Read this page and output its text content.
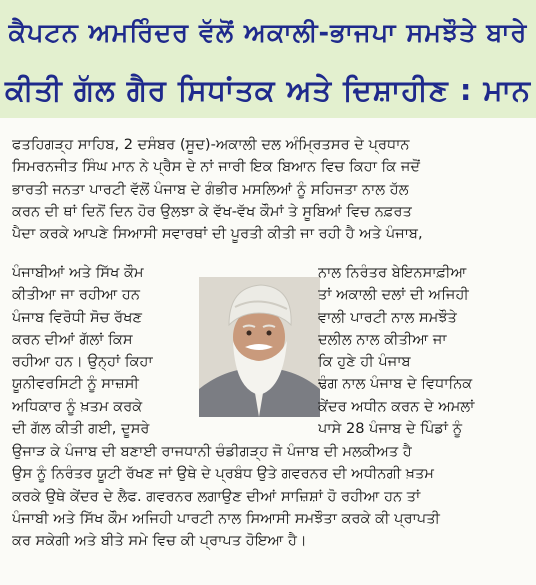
ਕੈਪਟਨ ਅਮਰਿੰਦਰ ਵੱਲੋਂ ਅਕਾਲੀ-ਭਾਜਪਾ ਸਮਝੌਤੇ ਬਾਰੇ
ਕੀਤੀ ਗੱਲ ਗੈਰ ਸਿਧਾਂਤਕ ਅਤੇ ਦਿਸ਼ਾਹੀਣ : ਮਾਨ
ਫਤਹਿਗੜ੍ਹ ਸਾਹਿਬ, 2 ਦਸੰਬਰ (ਸੂਦ)-ਅਕਾਲੀ ਦਲ ਅੰਮ੍ਰਿਤਸਰ ਦੇ ਪ੍ਰਧਾਨ
ਸਿਮਰਨਜੀਤ ਸਿੰਘ ਮਾਨ ਨੇ ਪ੍ਰੈਸ ਦੇ ਨਾਂ ਜਾਰੀ ਇਕ ਬਿਆਨ ਵਿਚ ਕਿਹਾ ਕਿ ਜਦੋਂ
ਭਾਰਤੀ ਜਨਤਾ ਪਾਰਟੀ ਵੱਲੋਂ ਪੰਜਾਬ ਦੇ ਗੰਭੀਰ ਮਸਲਿਆਂ ਨੂੰ ਸਹਿਜਤਾ ਨਾਲ ਹੱਲ
ਕਰਨ ਦੀ ਥਾਂ ਦਿਨੋਂ ਦਿਨ ਹੋਰ ਉਲਝਾ ਕੇ ਵੱਖ-ਵੱਖ ਕੌਮਾਂ ਤੇ ਸੂਬਿਆਂ ਵਿਚ ਨਫ਼ਰਤ
ਪੈਦਾ ਕਰਕੇ ਆਪਣੇ ਸਿਆਸੀ ਸਵਾਰਥਾਂ ਦੀ ਪੂਰਤੀ ਕੀਤੀ ਜਾ ਰਹੀ ਹੈ ਅਤੇ ਪੰਜਾਬ,
ਪੰਜਾਬੀਆਂ ਅਤੇ ਸਿੱਖ ਕੌਮ
ਕੀਤੀਆ ਜਾ ਰਹੀਆ ਹਨ
ਪੰਜਾਬ ਵਿਰੋਧੀ ਸੋਚ ਰੱਖਣ
ਕਰਨ ਦੀਆਂ ਗੱਲਾਂ ਕਿਸ
ਰਹੀਆ ਹਨ। ਉਨ੍ਹਾਂ ਕਿਹਾ
ਯੂਨੀਵਰਸਿਟੀ ਨੂੰ ਸਾਜ਼ਸੀ
ਅਧਿਕਾਰ ਨੂੰ ਖ਼ਤਮ ਕਰਕੇ
ਦੀ ਗੱਲ ਕੀਤੀ ਗਈ, ਦੂਸਰੇ
ਨਾਲ ਨਿਰੰਤਰ ਬੇਇਨਸਾਫ਼ੀਆ
ਤਾਂ ਅਕਾਲੀ ਦਲਾਂ ਦੀ ਅਜਿਹੀ
ਵਾਲੀ ਪਾਰਟੀ ਨਾਲ ਸਮਝੌਤੇ
ਦਲੀਲ ਨਾਲ ਕੀਤੀਆ ਜਾ
ਕਿ ਹੁਣੇ ਹੀ ਪੰਜਾਬ
ਢੰਗ ਨਾਲ ਪੰਜਾਬ ਦੇ ਵਿਧਾਨਿਕ
ਕੇਂਦਰ ਅਧੀਨ ਕਰਨ ਦੇ ਅਮਲਾਂ
ਪਾਸੇ 28 ਪੰਜਾਬ ਦੇ ਪਿੰਡਾਂ ਨੂੰ
ਉਜਾੜ ਕੇ ਪੰਜਾਬ ਦੀ ਬਣਾਈ ਰਾਜਧਾਨੀ ਚੰਡੀਗੜ੍ਹ ਜੋ ਪੰਜਾਬ ਦੀ ਮਲਕੀਅਤ ਹੈ
ਉਸ ਨੂੰ ਨਿਰੰਤਰ ਯੂਟੀ ਰੱਖਣ ਜਾਂ ਉਥੇ ਦੇ ਪ੍ਰਬੰਧ ਉਤੇ ਗਵਰਨਰ ਦੀ ਅਧੀਨਗੀ ਖ਼ਤਮ
ਕਰਕੇ ਉਥੇ ਕੇਂਦਰ ਦੇ ਲੈਫ. ਗਵਰਨਰ ਲਗਾਉਣ ਦੀਆਂ ਸਾਜ਼ਿਸ਼ਾਂ ਹੋ ਰਹੀਆ ਹਨ ਤਾਂ
ਪੰਜਾਬੀ ਅਤੇ ਸਿੱਖ ਕੌਮ ਅਜਿਹੀ ਪਾਰਟੀ ਨਾਲ ਸਿਆਸੀ ਸਮਝੌਤਾ ਕਰਕੇ ਕੀ ਪ੍ਰਾਪਤੀ
ਕਰ ਸਕੇਗੀ ਅਤੇ ਬੀਤੇ ਸਮੇ ਵਿਚ ਕੀ ਪ੍ਰਾਪਤ ਹੋਇਆ ਹੈ।
